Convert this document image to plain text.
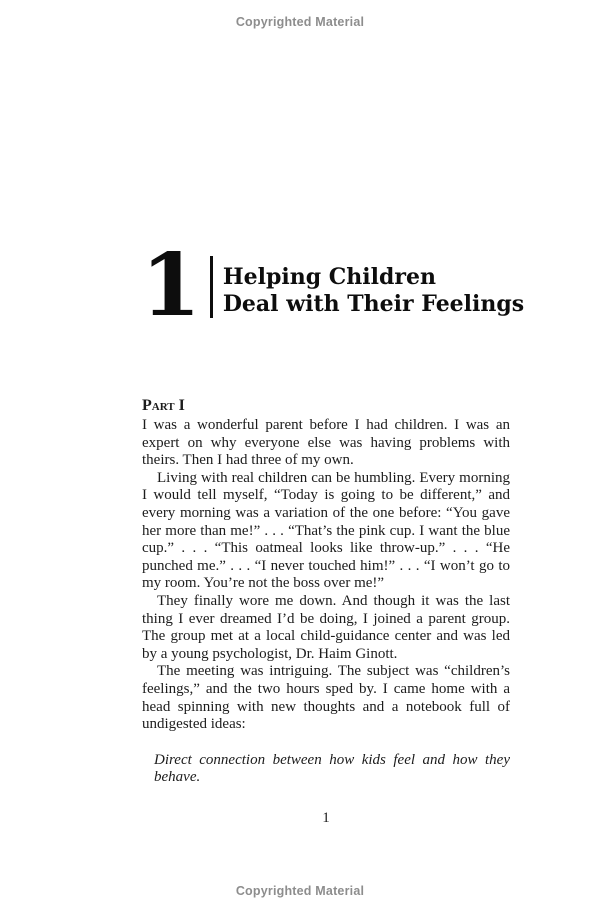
Copyrighted Material
1 Helping Children
Deal with Their Feelings
Part I

I was a wonderful parent before I had children. I was an expert on why everyone else was having problems with theirs. Then I had three of my own.

Living with real children can be humbling. Every morning I would tell myself, “Today is going to be different,” and every morning was a variation of the one before: “You gave her more than me!” . . . “That’s the pink cup. I want the blue cup.” . . . “This oatmeal looks like throw-up.” . . . “He punched me.” . . . “I never touched him!” . . . “I won’t go to my room. You’re not the boss over me!”

They finally wore me down. And though it was the last thing I ever dreamed I’d be doing, I joined a parent group. The group met at a local child-guidance center and was led by a young psychologist, Dr. Haim Ginott.

The meeting was intriguing. The subject was “children’s feelings,” and the two hours sped by. I came home with a head spinning with new thoughts and a notebook full of undigested ideas:

Direct connection between how kids feel and how they behave.

1
Copyrighted Material
